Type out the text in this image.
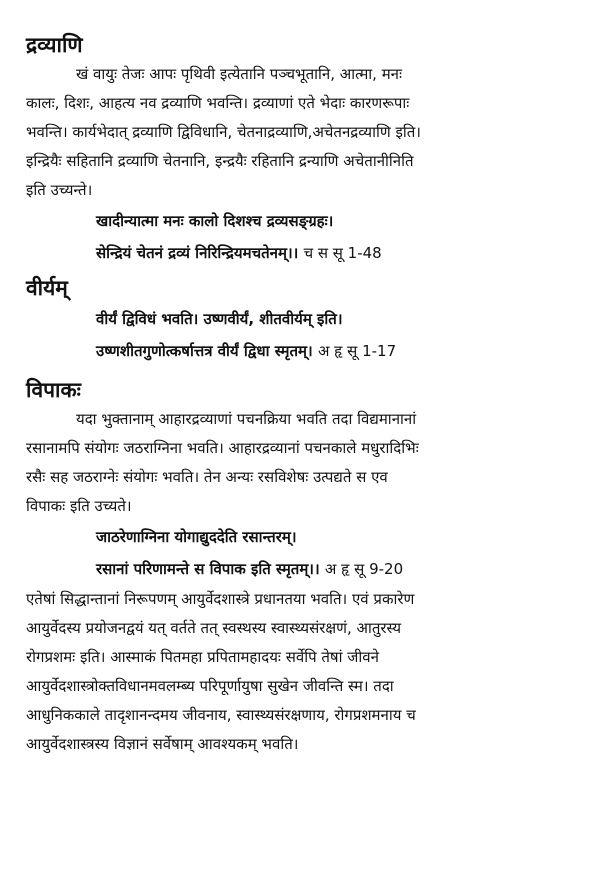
द्रव्याणि
खं वायुः तेजः आपः पृथिवी इत्येतानि पञ्चभूतानि, आत्मा, मनः
कालः, दिशः, आहत्य नव द्रव्याणि भवन्ति। द्रव्याणां एते भेदाः कारणरूपाः
भवन्ति। कार्यभेदात् द्रव्याणि द्विविधानि, चेतनाद्रव्याणि,अचेतनद्रव्याणि इति।
इन्द्रियैः सहितानि द्रव्याणि चेतनानि, इन्द्रयैः रहितानि द्रन्याणि अचेतानीनिति
इति उच्यन्ते।

खादीन्यात्मा मनः कालो दिशश्च द्रव्यसङ्ग्रहः।

सेन्द्रियं चेतनं द्रव्यं निरिन्द्रियमचतेनम्।। च स सू 1-48

वीर्यम्

वीर्यं द्विविधं भवति। उष्णवीर्यं, शीतवीर्यम् इति।

उष्णशीतगुणोत्कर्षात्तत्र वीर्यं द्विधा स्मृतम्। अ हृ सू 1-17

विपाकः
यदा भुक्तानाम् आहारद्रव्याणां पचनक्रिया भवति तदा विद्यमानानां
रसानामपि संयोगः जठराग्निना भवति। आहारद्रव्यानां पचनकाले मधुरादिभिः
रसैः सह जठराग्नेः संयोगः भवति। तेन अन्यः रसविशेषः उत्पद्यते स एव
विपाकः इति उच्यते।

जाठरेणाग्निना योगाद्युददेति रसान्तरम्।

रसानां परिणामन्ते स विपाक इति स्मृतम्।। अ हृ सू 9-20

एतेषां सिद्धान्तानां निरूपणम् आयुर्वेदशास्त्रे प्रधानतया भवति। एवं प्रकारेण
आयुर्वेदस्य प्रयोजनद्वयं यत् वर्तते तत् स्वस्थस्य स्वास्थ्यसंरक्षणं, आतुरस्य
रोगप्रशमः इति। आस्माकं पितमहा प्रपितामहादयः सर्वेपि तेषां जीवने
आयुर्वेदशास्त्रोक्तविधानमवलम्ब्य परिपूर्णायुषा सुखेन जीवन्ति स्म। तदा
आधुनिककाले तादृशानन्दमय जीवनाय, स्वास्थ्यसंरक्षणाय, रोगप्रशमनाय च
आयुर्वेदशास्त्रस्य विज्ञानं सर्वेषाम् आवश्यकम् भवति।
